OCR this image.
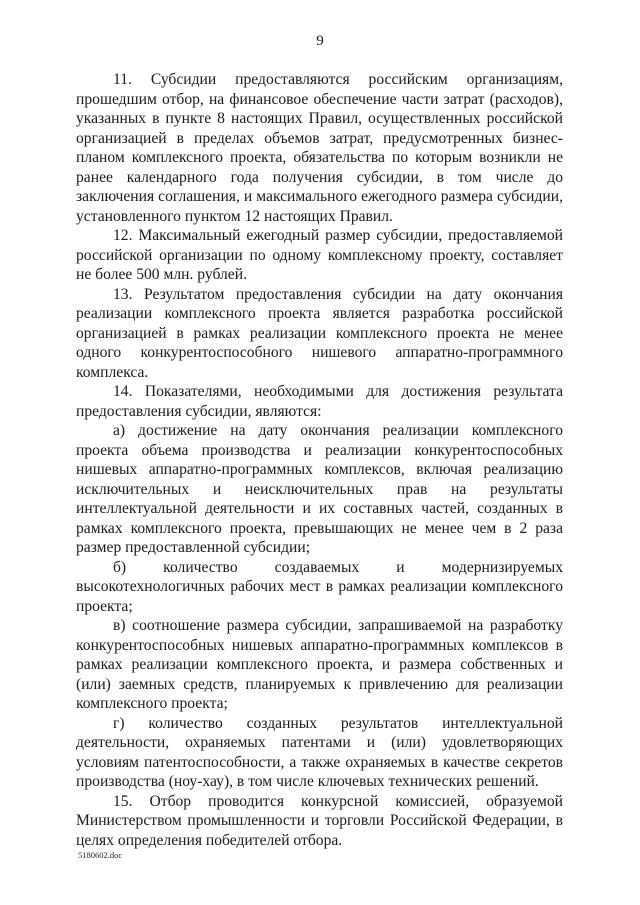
9

11. Субсидии предоставляются российским организациям, прошедшим отбор, на финансовое обеспечение части затрат (расходов), указанных в пункте 8 настоящих Правил, осуществленных российской организацией в пределах объемов затрат, предусмотренных бизнес-планом комплексного проекта, обязательства по которым возникли не ранее календарного года получения субсидии, в том числе до заключения соглашения, и максимального ежегодного размера субсидии, установленного пунктом 12 настоящих Правил.

12. Максимальный ежегодный размер субсидии, предоставляемой российской организации по одному комплексному проекту, составляет не более 500 млн. рублей.

13. Результатом предоставления субсидии на дату окончания реализации комплексного проекта является разработка российской организацией в рамках реализации комплексного проекта не менее одного конкурентоспособного нишевого аппаратно-программного комплекса.

14. Показателями, необходимыми для достижения результата предоставления субсидии, являются:

а) достижение на дату окончания реализации комплексного проекта объема производства и реализации конкурентоспособных нишевых аппаратно-программных комплексов, включая реализацию исключительных и неисключительных прав на результаты интеллектуальной деятельности и их составных частей, созданных в рамках комплексного проекта, превышающих не менее чем в 2 раза размер предоставленной субсидии;

б) количество создаваемых и модернизируемых высокотехнологичных рабочих мест в рамках реализации комплексного проекта;

в) соотношение размера субсидии, запрашиваемой на разработку конкурентоспособных нишевых аппаратно-программных комплексов в рамках реализации комплексного проекта, и размера собственных и (или) заемных средств, планируемых к привлечению для реализации комплексного проекта;

г) количество созданных результатов интеллектуальной деятельности, охраняемых патентами и (или) удовлетворяющих условиям патентоспособности, а также охраняемых в качестве секретов производства (ноу-хау), в том числе ключевых технических решений.

15. Отбор проводится конкурсной комиссией, образуемой Министерством промышленности и торговли Российской Федерации, в целях определения победителей отбора.

5180602.doc
